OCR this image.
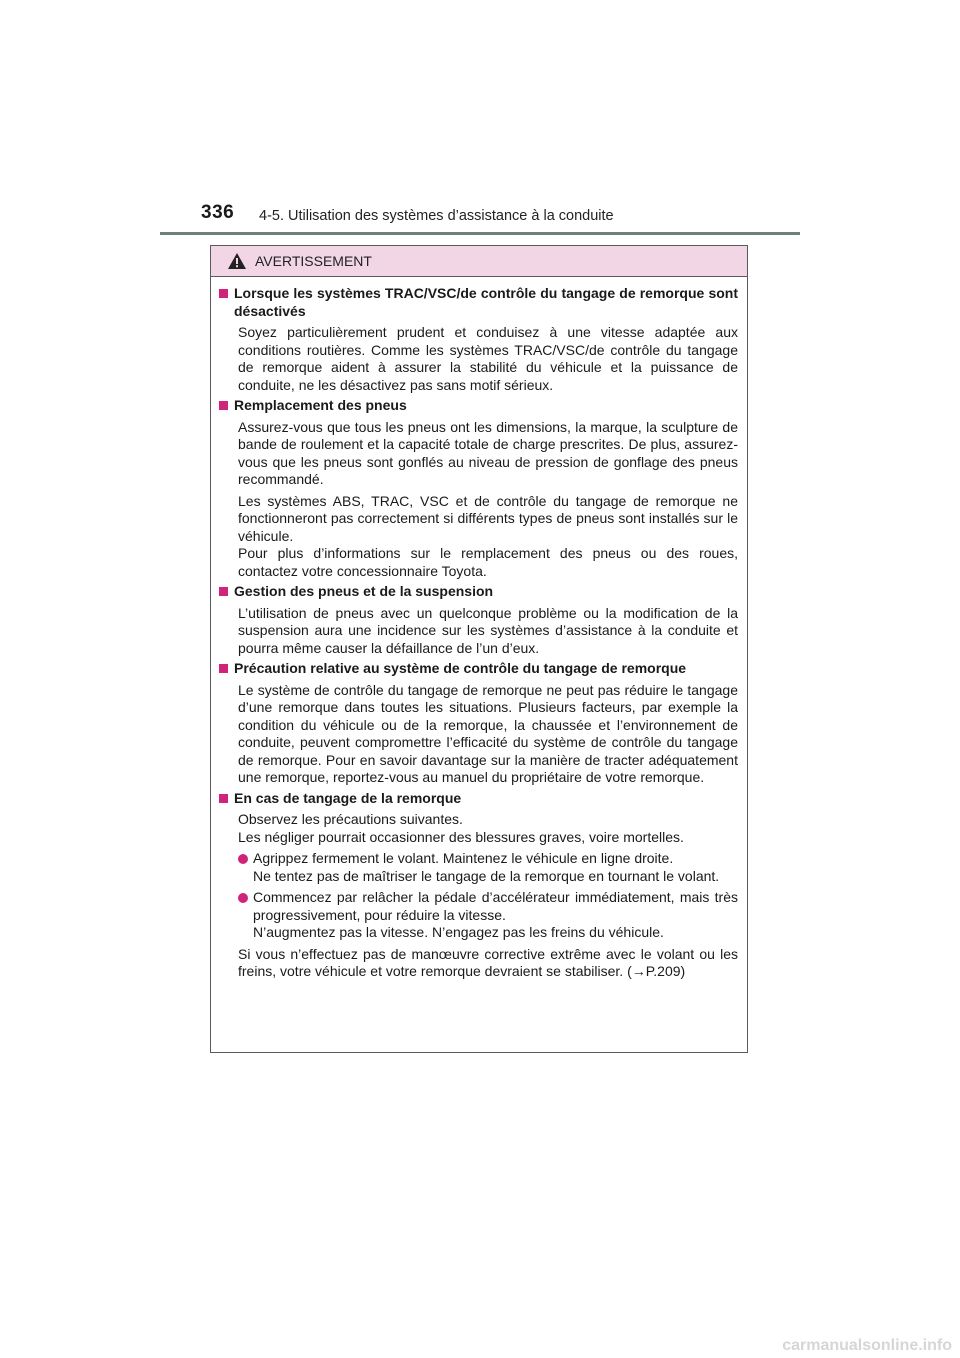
336 4-5. Utilisation des systèmes d’assistance à la conduite
AVERTISSEMENT
Lorsque les systèmes TRAC/VSC/de contrôle du tangage de remorque sont désactivés

Soyez particulièrement prudent et conduisez à une vitesse adaptée aux conditions routières. Comme les systèmes TRAC/VSC/de contrôle du tangage de remorque aident à assurer la stabilité du véhicule et la puissance de conduite, ne les désactivez pas sans motif sérieux.

Remplacement des pneus

Assurez-vous que tous les pneus ont les dimensions, la marque, la sculpture de bande de roulement et la capacité totale de charge prescrites. De plus, assurez-vous que les pneus sont gonflés au niveau de pression de gonflage des pneus recommandé.

Les systèmes ABS, TRAC, VSC et de contrôle du tangage de remorque ne fonctionneront pas correctement si différents types de pneus sont installés sur le véhicule.

Pour plus d’informations sur le remplacement des pneus ou des roues, contactez votre concessionnaire Toyota.

Gestion des pneus et de la suspension

L’utilisation de pneus avec un quelconque problème ou la modification de la suspension aura une incidence sur les systèmes d’assistance à la conduite et pourra même causer la défaillance de l’un d’eux.

Précaution relative au système de contrôle du tangage de remorque

Le système de contrôle du tangage de remorque ne peut pas réduire le tangage d’une remorque dans toutes les situations. Plusieurs facteurs, par exemple la condition du véhicule ou de la remorque, la chaussée et l’environnement de conduite, peuvent compromettre l’efficacité du système de contrôle du tangage de remorque. Pour en savoir davantage sur la manière de tracter adéquatement une remorque, reportez-vous au manuel du propriétaire de votre remorque.

En cas de tangage de la remorque

Observez les précautions suivantes.
Les négliger pourrait occasionner des blessures graves, voire mortelles.

Agrippez fermement le volant. Maintenez le véhicule en ligne droite.
Ne tentez pas de maîtriser le tangage de la remorque en tournant le volant.
Commencez par relâcher la pédale d’accélérateur immédiatement, mais très progressivement, pour réduire la vitesse.
N’augmentez pas la vitesse. N’engagez pas les freins du véhicule.

Si vous n’effectuez pas de manœuvre corrective extrême avec le volant ou les freins, votre véhicule et votre remorque devraient se stabiliser. (→P.209)

carmanualsonline.info
